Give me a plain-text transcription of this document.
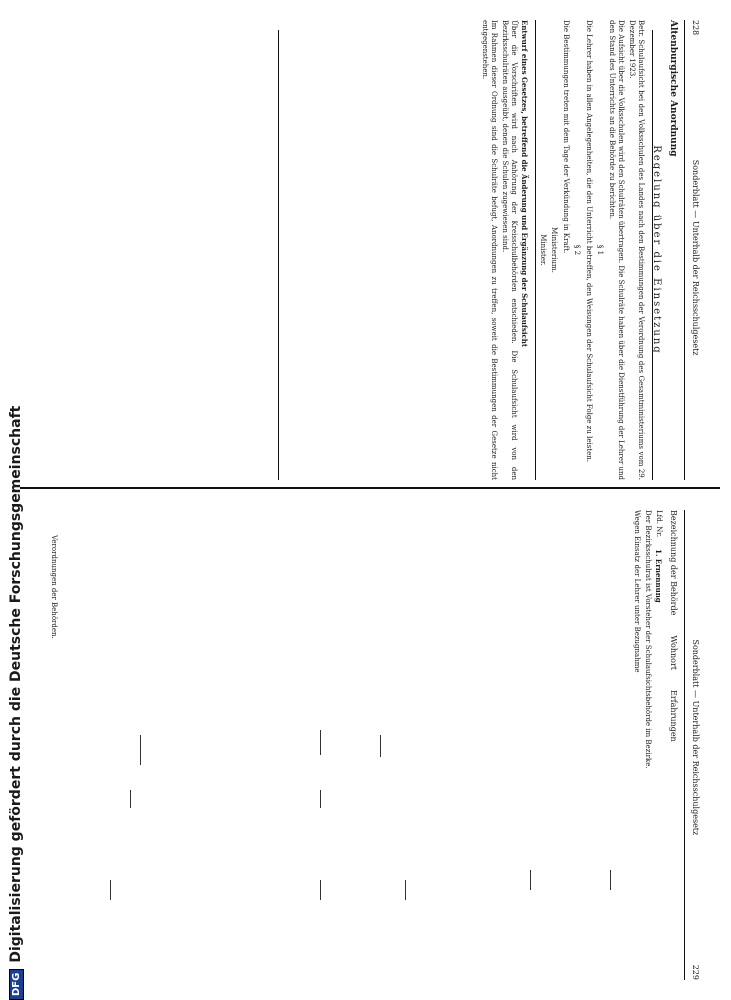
228
Sonderblatt — Unterhalb der Reichsschulgesetz
Altenburgische Anordnung
Regelung über die Einsetzung

Betr. Schulaufsicht bei den Volksschulen des Landes nach den Bestimmungen der Verordnung des Gesamtministeriums vom 29. Dezember 1923.

Die Aufsicht über die Volksschulen wird den Schulräten übertragen. Die Schulräte haben über die Dienstführung der Lehrer und den Stand des Unterrichts an die Behörde zu berichten.

§ 1

Die Lehrer haben in allen Angelegenheiten, die den Unterricht betreffen, den Weisungen der Schulaufsicht Folge zu leisten.

§ 2

Die Bestimmungen treten mit dem Tage der Verkündung in Kraft.

Ministerium.
Minister.

Entwurf eines Gesetzes, betreffend die Änderung und Ergänzung der Schulaufsicht

Über die Vorschriften wird nach Anhörung der Kreisschulbehörden entschieden. Die Schulaufsicht wird von den Bezirksschulräten ausgeübt, denen die Schulen zugewiesen sind.

Im Rahmen dieser Ordnung sind die Schulräte befugt, Anordnungen zu treffen, soweit die Bestimmungen der Gesetze nicht entgegenstehen.

Sonderblatt — Unterhalb der Reichsschulgesetz
229
Bezeichnung der Behörde
Wohnort
Erfahrungen
Lfd. Nr.
1. Ernennung

Der Bezirksschulrat ist Vorsteher der Schulaufsichtsbehörde im Bezirke.

Wegen Einsatz der Lehrer unter Bezugnahme

Verordnungen der Behörden.
DFG
Digitalisierung gefördert durch die Deutsche Forschungsgemeinschaft
